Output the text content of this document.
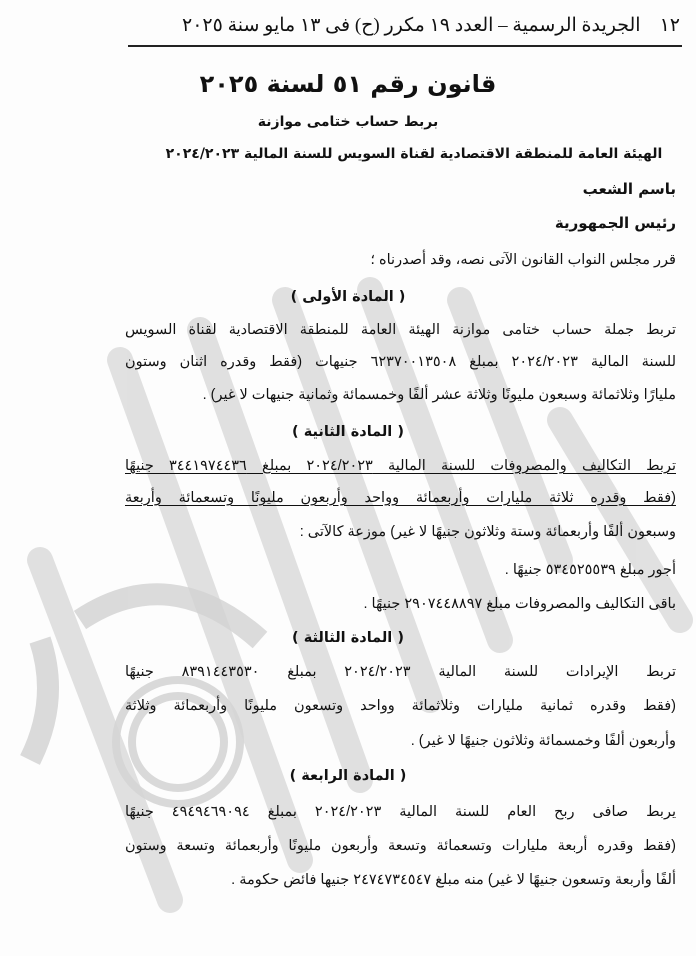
١٢
الجريدة الرسمية – العدد ١٩ مكرر (ح) فى ١٣ مايو سنة ٢٠٢٥
قانون رقم ٥١ لسنة ٢٠٢٥
بربط حساب ختامى موازنة
الهيئة العامة للمنطقة الاقتصادية لقناة السويس للسنة المالية ٢٠٢٤/٢٠٢٣
باسم الشعب
رئيس الجمهورية
قرر مجلس النواب القانون الآتى نصه، وقد أصدرناه ؛
( المادة الأولى )
تربط جملة حساب ختامى موازنة الهيئة العامة للمنطقة الاقتصادية لقناة السويس
للسنة المالية ٢٠٢٤/٢٠٢٣ بمبلغ ٦٢٣٧٠٠١٣٥٠٨ جنيهات (فقط وقدره اثنان وستون
مليارًا وثلاثمائة وسبعون مليونًا وثلاثة عشر ألفًا وخمسمائة وثمانية جنيهات لا غير) .
( المادة الثانية )
تربط التكاليف والمصروفات للسنة المالية ٢٠٢٤/٢٠٢٣ بمبلغ ٣٤٤١٩٧٤٤٣٦ جنيهًا
(فقط وقدره ثلاثة مليارات وأربعمائة وواحد وأربعون مليونًا وتسعمائة وأربعة
وسبعون ألفًا وأربعمائة وستة وثلاثون جنيهًا لا غير) موزعة كالآتى :
أجور مبلغ ٥٣٤٥٢٥٥٣٩ جنيهًا .
باقى التكاليف والمصروفات مبلغ ٢٩٠٧٤٤٨٨٩٧ جنيهًا .
( المادة الثالثة )
تربط الإيرادات للسنة المالية ٢٠٢٤/٢٠٢٣ بمبلغ ٨٣٩١٤٤٣٥٣٠ جنيهًا
(فقط وقدره ثمانية مليارات وثلاثمائة وواحد وتسعون مليونًا وأربعمائة وثلاثة
وأربعون ألفًا وخمسمائة وثلاثون جنيهًا لا غير) .
( المادة الرابعة )
يربط صافى ربح العام للسنة المالية ٢٠٢٤/٢٠٢٣ بمبلغ ٤٩٤٩٤٦٩٠٩٤ جنيهًا
(فقط وقدره أربعة مليارات وتسعمائة وتسعة وأربعون مليونًا وأربعمائة وتسعة وستون
ألفًا وأربعة وتسعون جنيهًا لا غير) منه مبلغ ٢٤٧٤٧٣٤٥٤٧ جنيها فائض حكومة .
